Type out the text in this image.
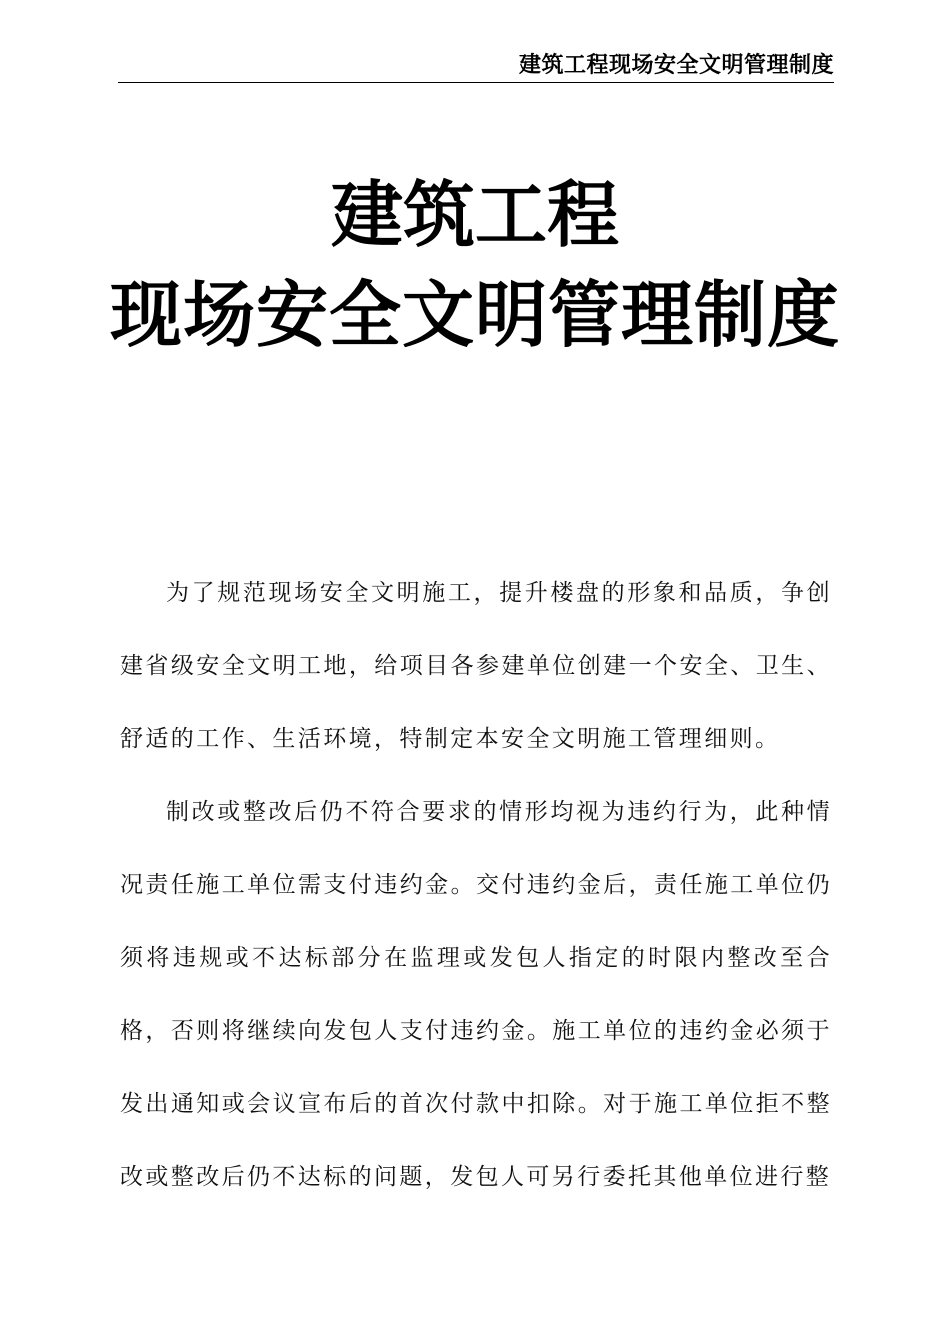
建筑工程现场安全文明管理制度
建筑工程
现场安全文明管理制度

为了规范现场安全文明施工，提升楼盘的形象和品质，争创建省级安全文明工地，给项目各参建单位创建一个安全、卫生、舒适的工作、生活环境，特制定本安全文明施工管理细则。

制改或整改后仍不符合要求的情形均视为违约行为，此种情况责任施工单位需支付违约金。交付违约金后，责任施工单位仍须将违规或不达标部分在监理或发包人指定的时限内整改至合格，否则将继续向发包人支付违约金。施工单位的违约金必须于发出通知或会议宣布后的首次付款中扣除。对于施工单位拒不整改或整改后仍不达标的问题，发包人可另行委托其他单位进行整
